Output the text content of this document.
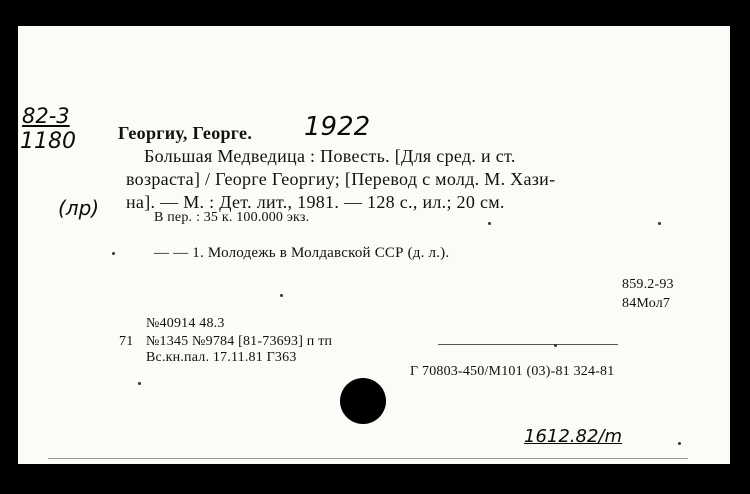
82-3
1180	1922
Георгиу, Георге.
Большая Медведица : Повесть. [Для сред. и ст.
возраста] / Георге Георгиу; [Перевод с молд. М. Хази-
на]. — М. : Дет. лит., 1981. — 128 с., ил.; 20 см.
(лр)	В пер. : 35 к. 100.000 экз.
— — 1. Молодежь в Молдавской ССР (д. л.).
859.2-93
84Мол7
№40914 48.3
71 №1345 №9784 [81-73693] п тп
Вс.кн.пал. 17.11.81 Г363
Г 70803-450/М101 (03)-81 324-81
1612.82/m
